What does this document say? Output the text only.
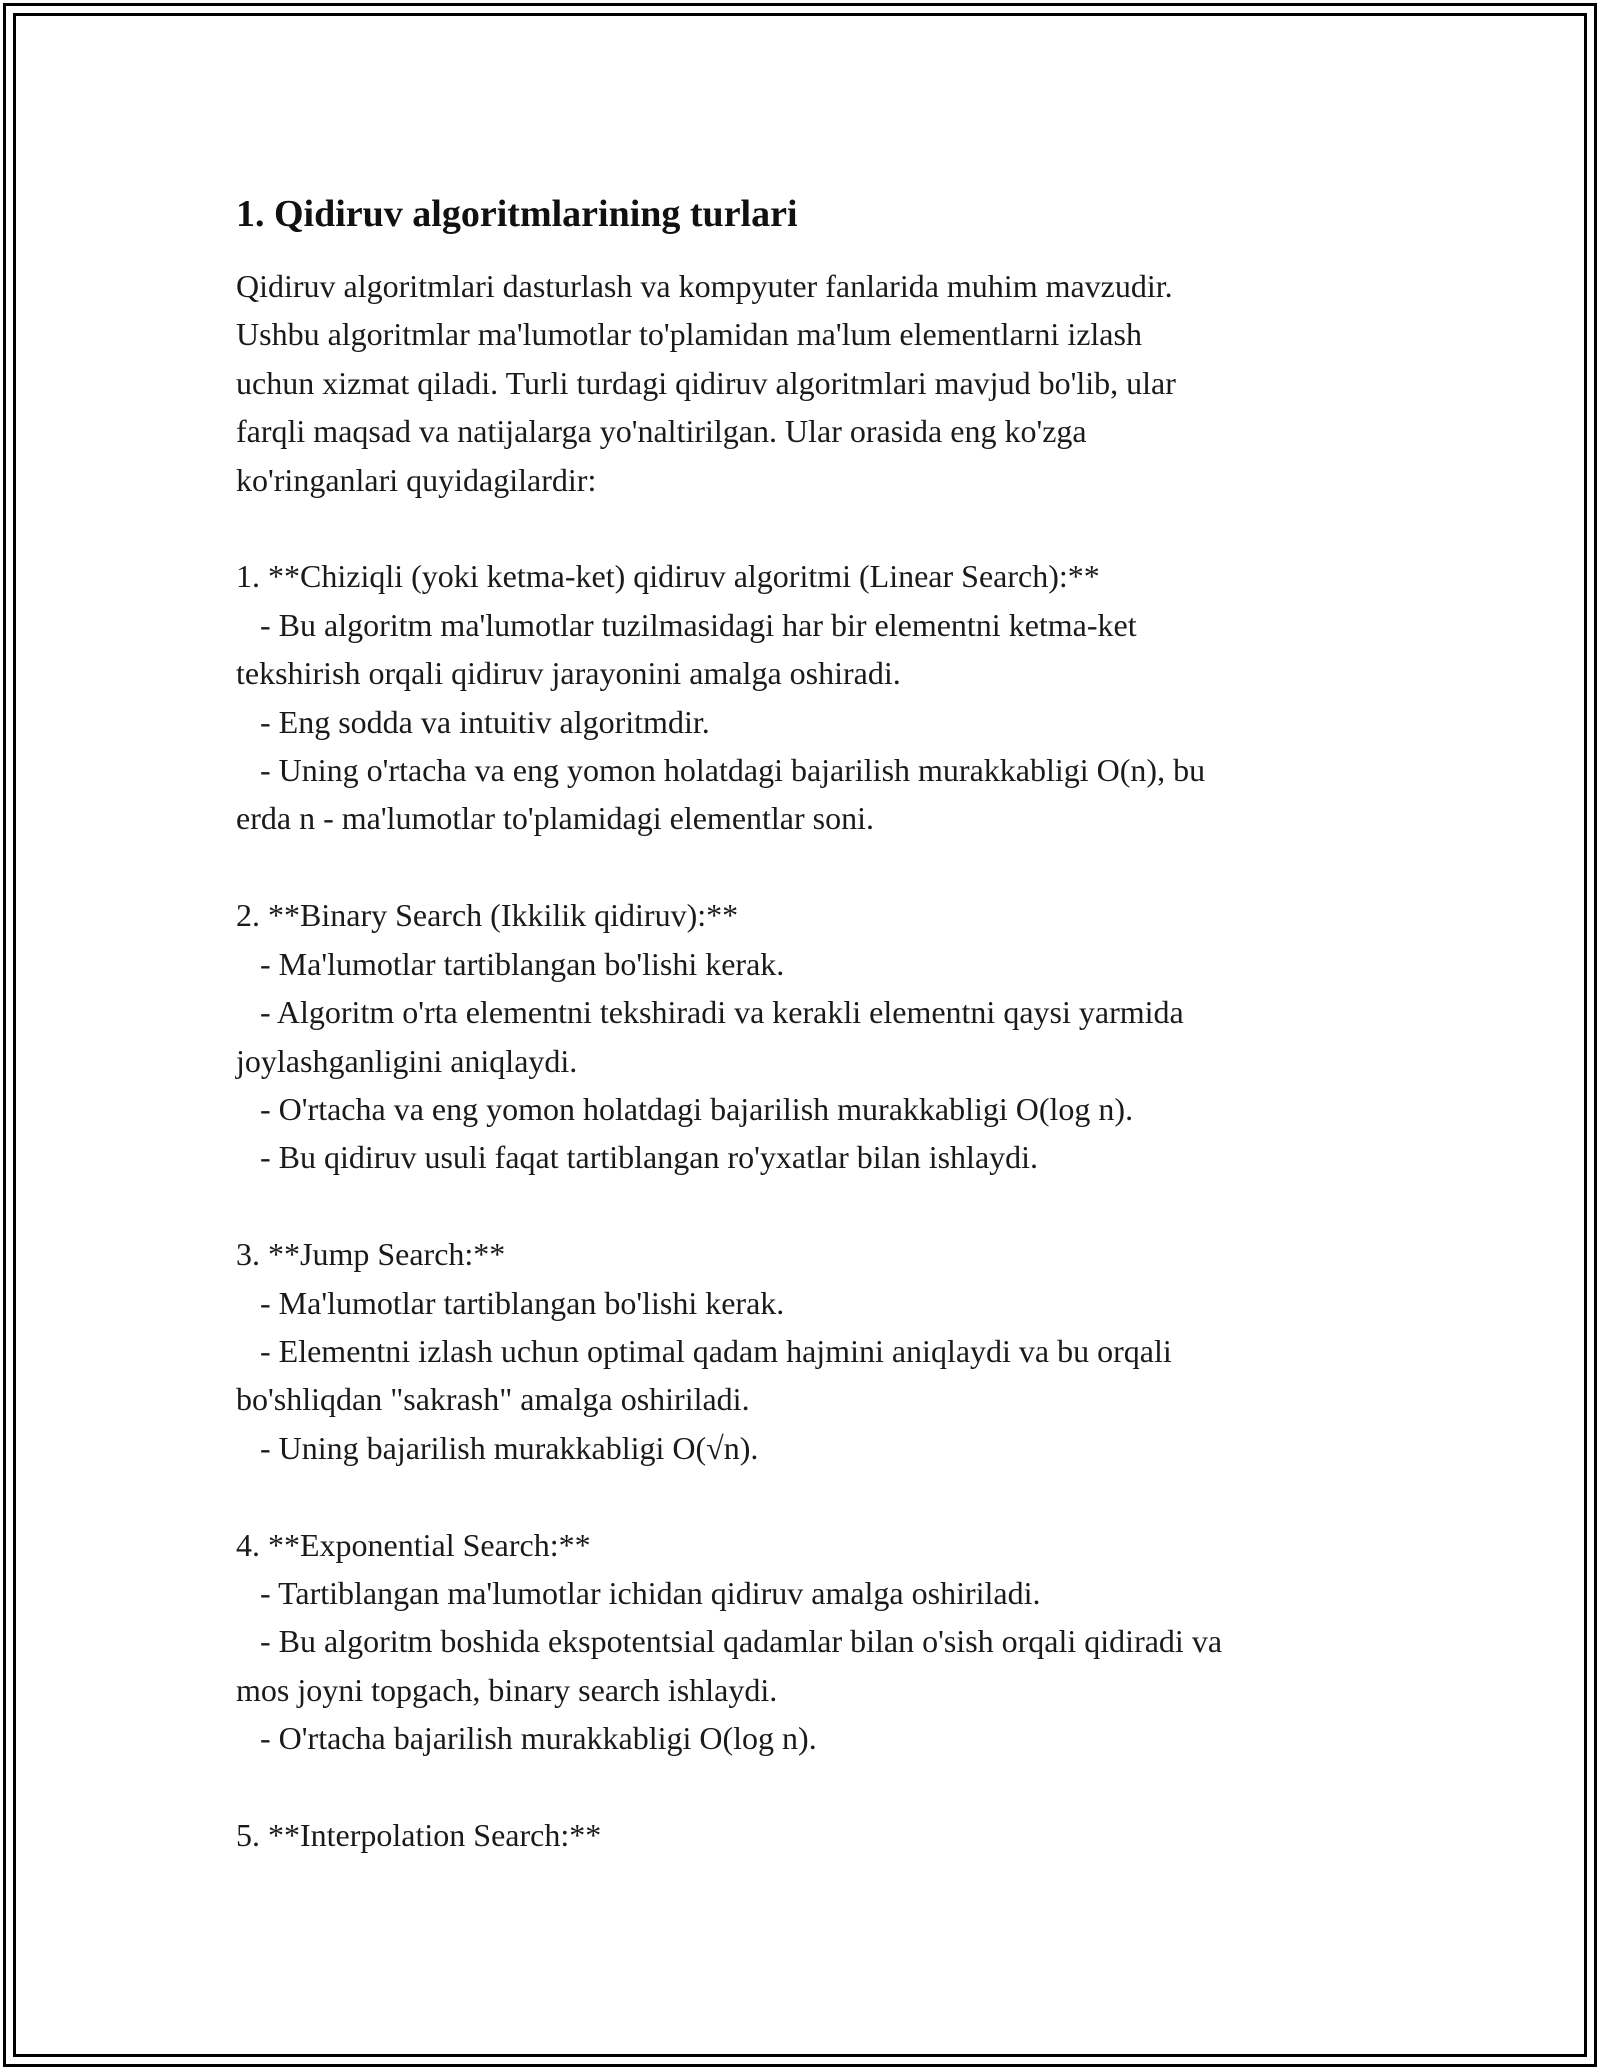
1. Qidiruv algoritmlarining turlari

Qidiruv algoritmlari dasturlash va kompyuter fanlarida muhim mavzudir.
Ushbu algoritmlar ma'lumotlar to'plamidan ma'lum elementlarni izlash
uchun xizmat qiladi. Turli turdagi qidiruv algoritmlari mavjud bo'lib, ular
farqli maqsad va natijalarga yo'naltirilgan. Ular orasida eng ko'zga
ko'ringanlari quyidagilardir:

1. **Chiziqli (yoki ketma-ket) qidiruv algoritmi (Linear Search):**
- Bu algoritm ma'lumotlar tuzilmasidagi har bir elementni ketma-ket
tekshirish orqali qidiruv jarayonini amalga oshiradi.
- Eng sodda va intuitiv algoritmdir.
- Uning o'rtacha va eng yomon holatdagi bajarilish murakkabligi O(n), bu
erda n - ma'lumotlar to'plamidagi elementlar soni.

2. **Binary Search (Ikkilik qidiruv):**
- Ma'lumotlar tartiblangan bo'lishi kerak.
- Algoritm o'rta elementni tekshiradi va kerakli elementni qaysi yarmida
joylashganligini aniqlaydi.
- O'rtacha va eng yomon holatdagi bajarilish murakkabligi O(log n).
- Bu qidiruv usuli faqat tartiblangan ro'yxatlar bilan ishlaydi.

3. **Jump Search:**
- Ma'lumotlar tartiblangan bo'lishi kerak.
- Elementni izlash uchun optimal qadam hajmini aniqlaydi va bu orqali
bo'shliqdan "sakrash" amalga oshiriladi.
- Uning bajarilish murakkabligi O(√n).

4. **Exponential Search:**
- Tartiblangan ma'lumotlar ichidan qidiruv amalga oshiriladi.
- Bu algoritm boshida ekspotentsial qadamlar bilan o'sish orqali qidiradi va
mos joyni topgach, binary search ishlaydi.
- O'rtacha bajarilish murakkabligi O(log n).

5. **Interpolation Search:**
